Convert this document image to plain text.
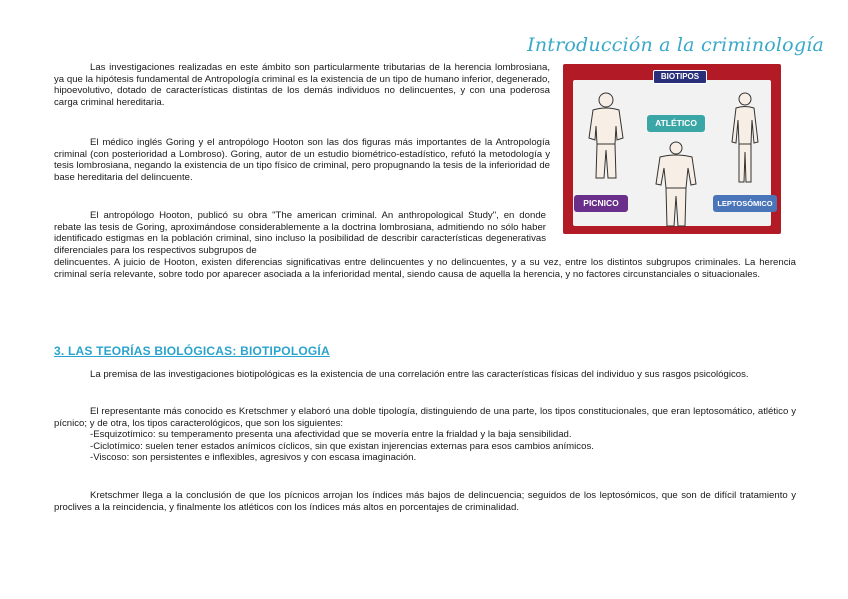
Introducción a la criminología

Las investigaciones realizadas en este ámbito son particularmente tributarias de la herencia lombrosiana, ya que la hipótesis fundamental de Antropología criminal es la existencia de un tipo de humano inferior, degenerado, hipoevolutivo, dotado de características distintas de los demás individuos no delincuentes, y con una poderosa carga criminal hereditaria.

El médico inglés Goring y el antropólogo Hooton son las dos figuras más importantes de la Antropología criminal (con posterioridad a Lombroso). Goring, autor de un estudio biométrico-estadístico, refutó la metodología y tesis lombrosiana, negando la existencia de un tipo físico de criminal, pero propugnando la tesis de la inferioridad de base hereditaria del delincuente.

El antropólogo Hooton, publicó su obra "The american criminal. An anthropological Study", en donde rebate las tesis de Goring, aproximándose considerablemente a la doctrina lombrosiana, admitiendo no sólo haber identificado estigmas en la población criminal, sino incluso la posibilidad de describir características degenerativas diferenciales para los respectivos subgrupos de

delincuentes. A juicio de Hooton, existen diferencias significativas entre delincuentes y no delincuentes, y a su vez, entre los distintos subgrupos criminales. La herencia criminal sería relevante, sobre todo por aparecer asociada a la inferioridad mental, siendo causa de aquella la herencia, y no factores circunstanciales o situacionales.

3. LAS TEORÍAS BIOLÓGICAS: BIOTIPOLOGÍA

La premisa de las investigaciones biotipológicas es la existencia de una correlación entre las características físicas del individuo y sus rasgos psicológicos.

El representante más conocido es Kretschmer y elaboró una doble tipología, distinguiendo de una parte, los tipos constitucionales, que eran leptosomático, atlético y pícnico; y de otra, los tipos caracterológicos, que son los siguientes:
-Esquizotímico: su temperamento presenta una afectividad que se movería entre la frialdad y la baja sensibilidad.
-Ciclotímico: suelen tener estados anímicos cíclicos, sin que existan injerencias externas para esos cambios anímicos.
-Viscoso: son persistentes e inflexibles, agresivos y con escasa imaginación.

Kretschmer llega a la conclusión de que los pícnicos arrojan los índices más bajos de delincuencia; seguidos de los leptosómicos, que son de difícil tratamiento y proclives a la reincidencia, y finalmente los atléticos con los índices más altos en porcentajes de criminalidad.

BIOTIPOS
ATLÉTICO
PICNICO	LEPTOSÓMICO
